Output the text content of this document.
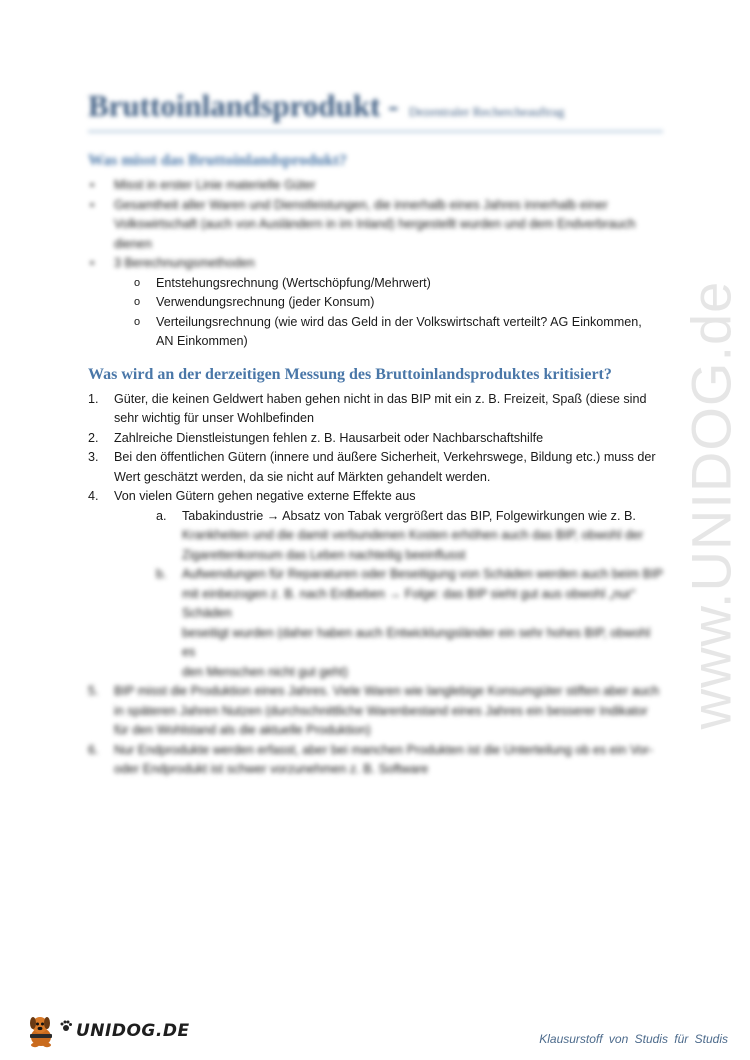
Bruttoinlandsprodukt - Dezentraler Rechercheauftrag
Was misst das Bruttoinlandsprodukt?
• Misst in erster Linie materielle Güter
• Gesamtheit aller Waren und Dienstleistungen, die innerhalb eines Jahres innerhalb einer
Volkswirtschaft (auch von Ausländern in im Inland) hergestellt wurden und dem Endverbrauch
dienen
• 3 Berechnungsmethoden
o Entstehungsrechnung (Wertschöpfung/Mehrwert)
o Verwendungsrechnung (jeder Konsum)
o Verteilungsrechnung (wie wird das Geld in der Volkswirtschaft verteilt? AG Einkommen,
AN Einkommen)
Was wird an der derzeitigen Messung des Bruttoinlandsproduktes kritisiert?
1. Güter, die keinen Geldwert haben gehen nicht in das BIP mit ein z. B. Freizeit, Spaß (diese sind
sehr wichtig für unser Wohlbefinden
2. Zahlreiche Dienstleistungen fehlen z. B. Hausarbeit oder Nachbarschaftshilfe
3. Bei den öffentlichen Gütern (innere und äußere Sicherheit, Verkehrswege, Bildung etc.) muss der
Wert geschätzt werden, da sie nicht auf Märkten gehandelt werden.
4. Von vielen Gütern gehen negative externe Effekte aus
a. Tabakindustrie → Absatz von Tabak vergrößert das BIP, Folgewirkungen wie z. B.
Krankheiten und die damit verbundenen Kosten erhöhen auch das BIP, obwohl der
Zigarettenkonsum das Leben nachteilig beeinflusst
b. Aufwendungen für Reparaturen oder Beseitigung von Schäden werden auch beim BIP
mit einbezogen z. B. nach Erdbeben → Folge: das BIP sieht gut aus obwohl „nur“ Schäden
beseitigt wurden (daher haben auch Entwicklungsländer ein sehr hohes BIP, obwohl es
den Menschen nicht gut geht)
5. BIP misst die Produktion eines Jahres. Viele Waren wie langlebige Konsumgüter stiften aber auch
in späteren Jahren Nutzen (durchschnittliche Warenbestand eines Jahres ein besserer Indikator
für den Wohlstand als die aktuelle Produktion)
6. Nur Endprodukte werden erfasst, aber bei manchen Produkten ist die Unterteilung ob es ein Vor-
oder Endprodukt ist schwer vorzunehmen z. B. Software
www.UNIDOG.de
UNIDOG.DE	Klausurstoff von Studis für Studis
